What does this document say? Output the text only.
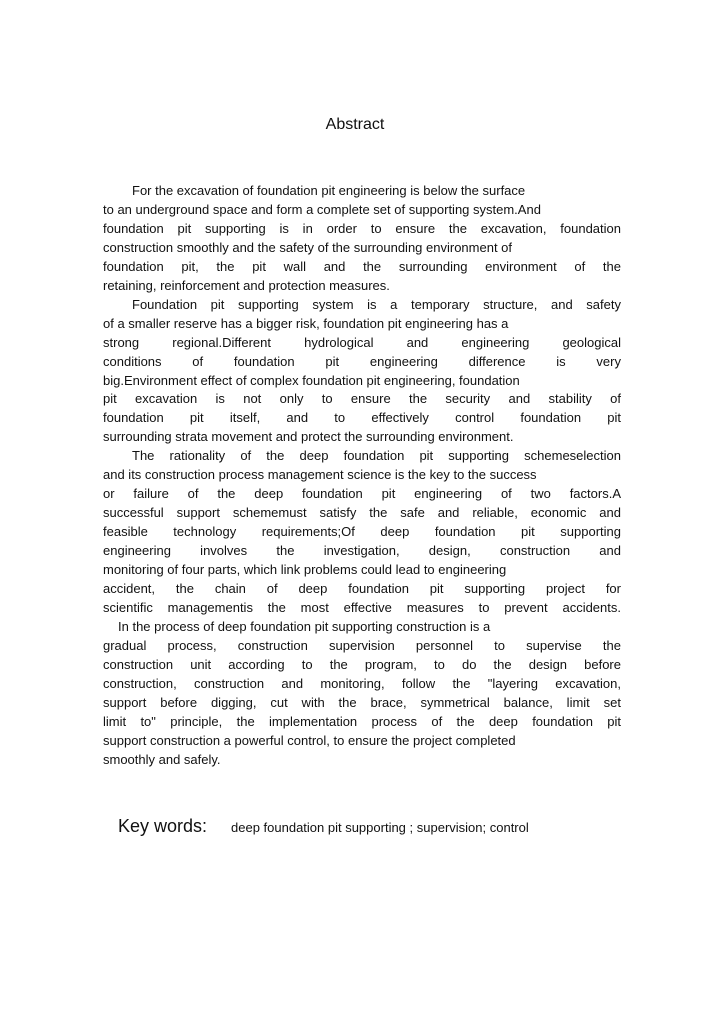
Abstract
For the excavation of foundation pit engineering is below the surface
to an underground space and form a complete set of supporting system.And
foundation pit supporting is in order to ensure the excavation, foundation
construction smoothly and the safety of the surrounding environment of
foundation pit, the pit wall and the surrounding environment of the
retaining, reinforcement and protection measures.
Foundation pit supporting system is a temporary structure, and safety
of a smaller reserve has a bigger risk, foundation pit engineering has a
strong regional.Different hydrological and engineering geological
conditions of foundation pit engineering difference is very
big.Environment effect of complex foundation pit engineering, foundation
pit excavation is not only to ensure the security and stability of
foundation pit itself, and to effectively control foundation pit
surrounding strata movement and protect the surrounding environment.
The rationality of the deep foundation pit supporting schemeselection
and its construction process management science is the key to the success
or failure of the deep foundation pit engineering of two factors.A
successful support schememust satisfy the safe and reliable, economic and
feasible technology requirements;Of deep foundation pit supporting
engineering involves the investigation, design, construction and
monitoring of four parts, which link problems could lead to engineering
accident, the chain of deep foundation pit supporting project for
scientific managementis the most effective measures to prevent accidents.
In the process of deep foundation pit supporting construction is a
gradual process, construction supervision personnel to supervise the
construction unit according to the program, to do the design before
construction, construction and monitoring, follow the "layering excavation,
support before digging, cut with the brace, symmetrical balance, limit set
limit to" principle, the implementation process of the deep foundation pit
support construction a powerful control, to ensure the project completed
smoothly and safely.
Key words: deep foundation pit supporting ; supervision; control
